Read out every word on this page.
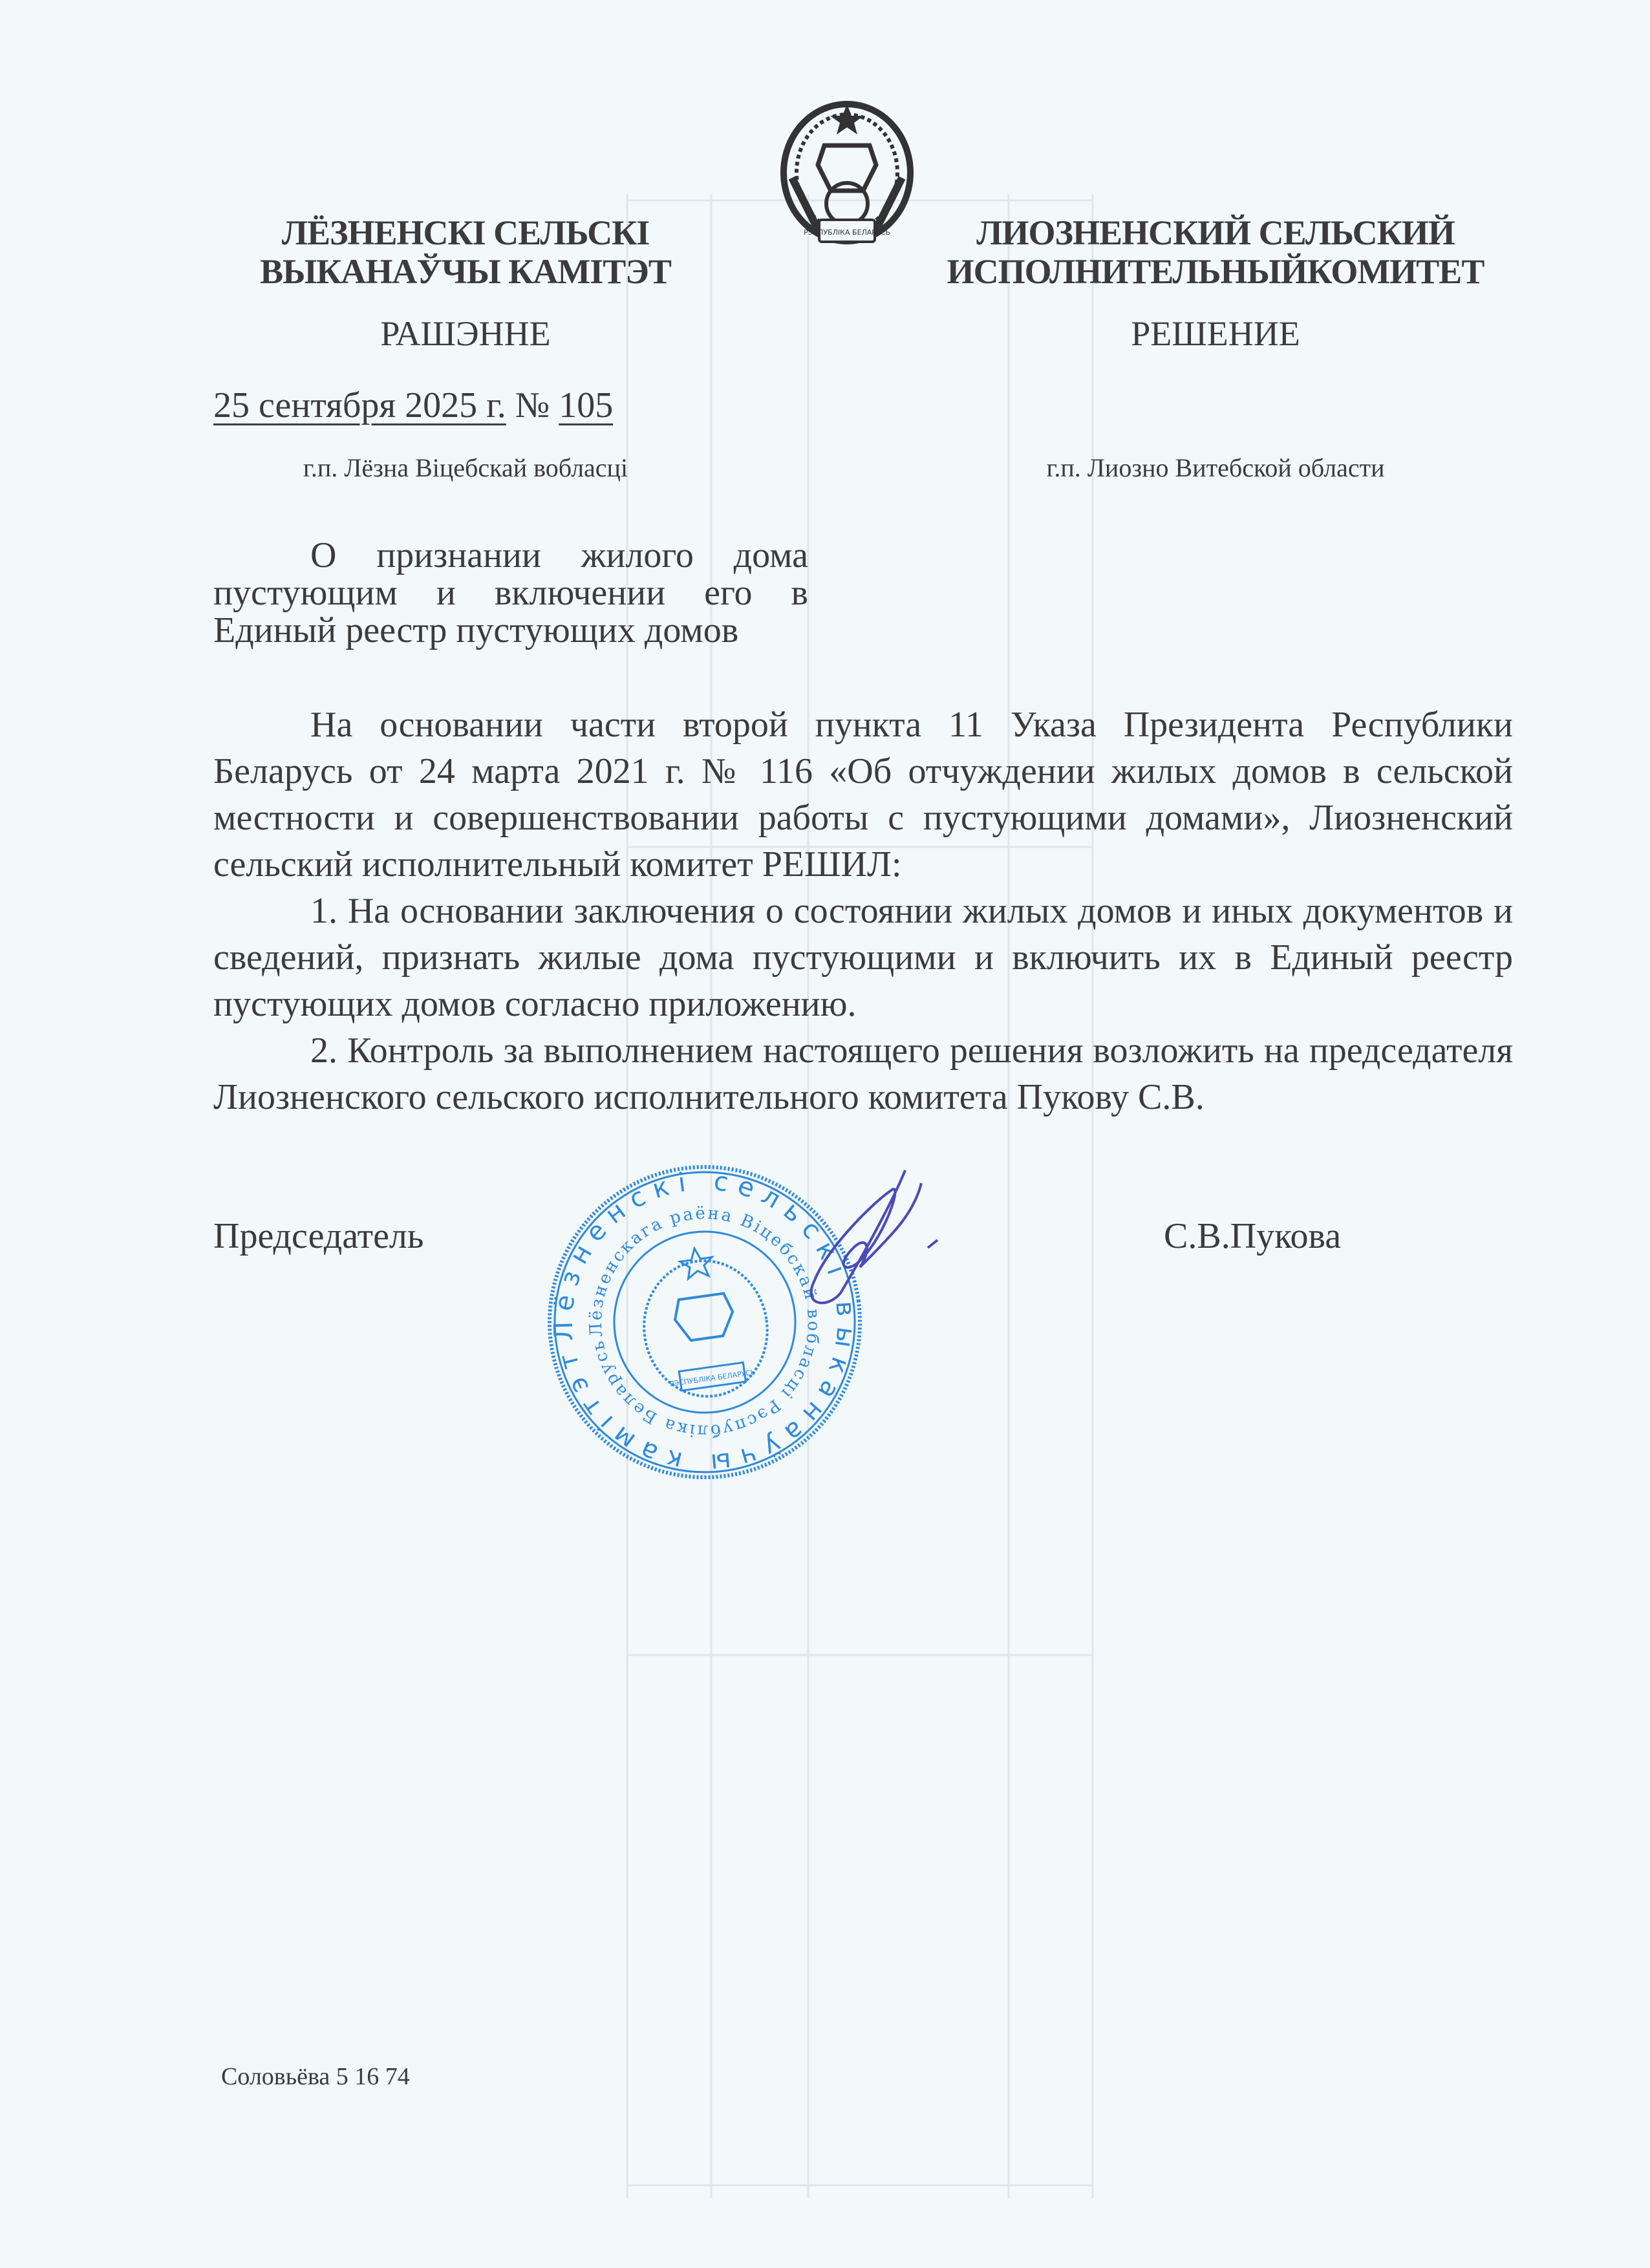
РЭСПУБЛІКА БЕЛАРУСЬ
ЛЁЗНЕНСКІ СЕЛЬСКІ
ВЫКАНАЎЧЫ КАМІТЭТ
РАШЭННЕ
ЛИОЗНЕНСКИЙ СЕЛЬСКИЙ
ИСПОЛНИТЕЛЬНЫЙКОМИТЕТ
РЕШЕНИЕ
25 сентября 2025 г. № 105
г.п. Лёзна Віцебскай вобласці	г.п. Лиозно Витебской области
О признании жилого дома пустующим и включении его в Единый реестр пустующих домов

На основании части второй пункта 11 Указа Президента Республики Беларусь от 24 марта 2021 г. № 116 «Об отчуждении жилых домов в сельской местности и совершенствовании работы с пустующими домами», Лиозненский сельский исполнительный комитет РЕШИЛ:

1. На основании заключения о состоянии жилых домов и иных документов и сведений, признать жилые дома пустующими и включить их в Единый реестр пустующих домов согласно приложению.

2. Контроль за выполнением настоящего решения возложить на председателя Лиозненского сельского исполнительного комитета Пукову С.В.

Председатель	С.В.Пукова
Лёзненскі сельскі выканаўчы камітэт
Лёзненскага раёна Віцебскай вобласці Рэспубліка Беларусь
РЭСПУБЛІКА БЕЛАРУСЬ
Соловьёва 5 16 74
